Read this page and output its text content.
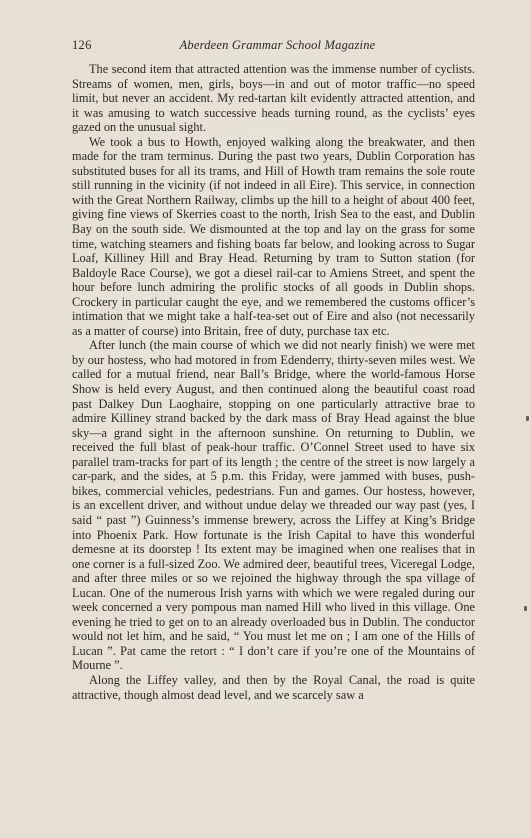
126	Aberdeen Grammar School Magazine

The second item that attracted attention was the immense number of cyclists. Streams of women, men, girls, boys—in and out of motor traffic—no speed limit, but never an accident. My red-tartan kilt evidently attracted attention, and it was amusing to watch successive heads turning round, as the cyclists’ eyes gazed on the unusual sight.

We took a bus to Howth, enjoyed walking along the breakwater, and then made for the tram terminus. During the past two years, Dublin Corporation has substituted buses for all its trams, and Hill of Howth tram remains the sole route still running in the vicinity (if not indeed in all Eire). This service, in connection with the Great Northern Railway, climbs up the hill to a height of about 400 feet, giving fine views of Skerries coast to the north, Irish Sea to the east, and Dublin Bay on the south side. We dismounted at the top and lay on the grass for some time, watching steamers and fishing boats far below, and looking across to Sugar Loaf, Killiney Hill and Bray Head. Returning by tram to Sutton station (for Baldoyle Race Course), we got a diesel rail-car to Amiens Street, and spent the hour before lunch admiring the prolific stocks of all goods in Dublin shops. Crockery in particular caught the eye, and we remembered the customs officer’s intimation that we might take a half-tea-set out of Eire and also (not necessarily as a matter of course) into Britain, free of duty, purchase tax etc.

After lunch (the main course of which we did not nearly finish) we were met by our hostess, who had motored in from Edenderry, thirty-seven miles west. We called for a mutual friend, near Ball’s Bridge, where the world-famous Horse Show is held every August, and then continued along the beautiful coast road past Dalkey Dun Laoghaire, stopping on one particularly attractive brae to admire Killiney strand backed by the dark mass of Bray Head against the blue sky—a grand sight in the afternoon sunshine. On returning to Dublin, we received the full blast of peak-hour traffic. O’Connel Street used to have six parallel tram-tracks for part of its length ; the centre of the street is now largely a car-park, and the sides, at 5 p.m. this Friday, were jammed with buses, push-bikes, commercial vehicles, pedestrians. Fun and games. Our hostess, however, is an excellent driver, and without undue delay we threaded our way past (yes, I said “ past ”) Guinness’s immense brewery, across the Liffey at King’s Bridge into Phoenix Park. How fortunate is the Irish Capital to have this wonderful demesne at its doorstep ! Its extent may be imagined when one realises that in one corner is a full-sized Zoo. We admired deer, beautiful trees, Viceregal Lodge, and after three miles or so we rejoined the highway through the spa village of Lucan. One of the numerous Irish yarns with which we were regaled during our week concerned a very pompous man named Hill who lived in this village. One evening he tried to get on to an already overloaded bus in Dublin. The conductor would not let him, and he said, “ You must let me on ; I am one of the Hills of Lucan ”. Pat came the retort : “ I don’t care if you’re one of the Mountains of Mourne ”.

Along the Liffey valley, and then by the Royal Canal, the road is quite attractive, though almost dead level, and we scarcely saw a
